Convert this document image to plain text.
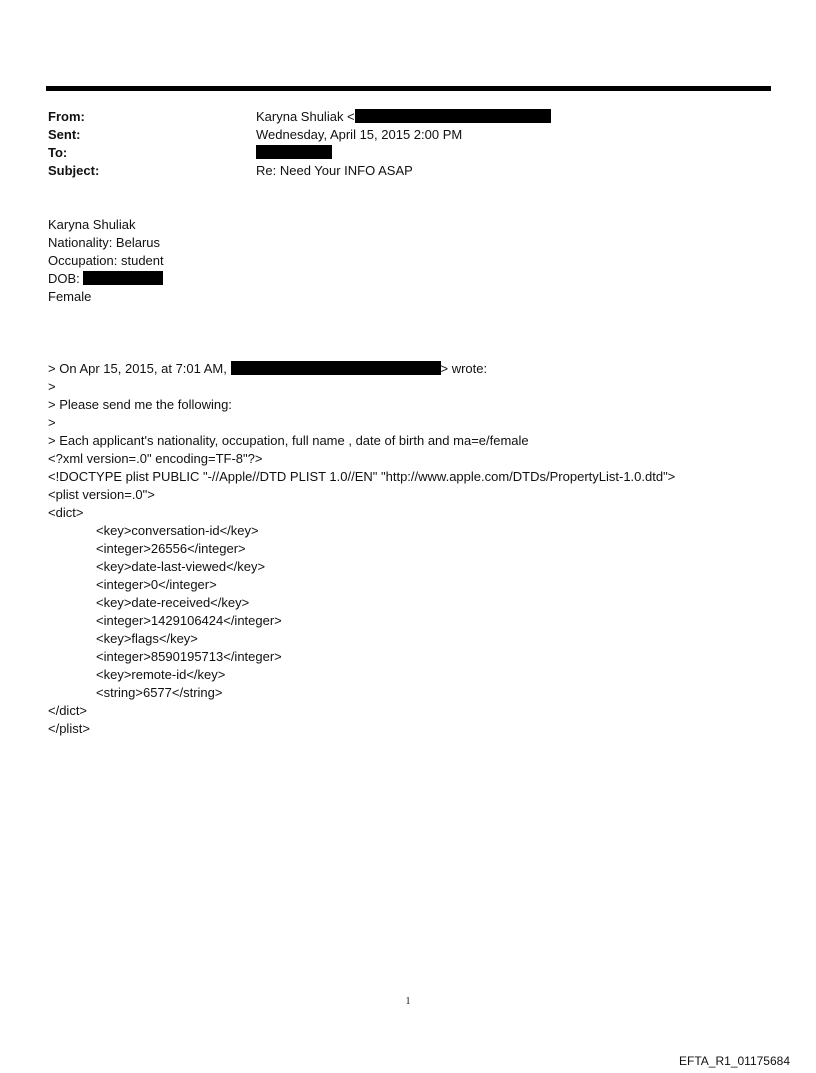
From:	Karyna Shuliak <
Sent:	Wednesday, April 15, 2015 2:00 PM
To:
Subject:	Re: Need Your INFO ASAP
Karyna Shuliak
Nationality: Belarus
Occupation: student
DOB:
Female
> On Apr 15, 2015, at 7:01 AM,	> wrote:
>
> Please send me the following:
>
> Each applicant's nationality, occupation, full name , date of birth and ma=e/female
<?xml version=.0" encoding=TF-8"?>
<!DOCTYPE plist PUBLIC "-//Apple//DTD PLIST 1.0//EN" "http://www.apple.com/DTDs/PropertyList-1.0.dtd">
<plist version=.0">
<dict>
<key>conversation-id</key>
<integer>26556</integer>
<key>date-last-viewed</key>
<integer>0</integer>
<key>date-received</key>
<integer>1429106424</integer>
<key>flags</key>
<integer>8590195713</integer>
<key>remote-id</key>
<string>6577</string>
</dict>
</plist>
1
EFTA_R1_01175684
